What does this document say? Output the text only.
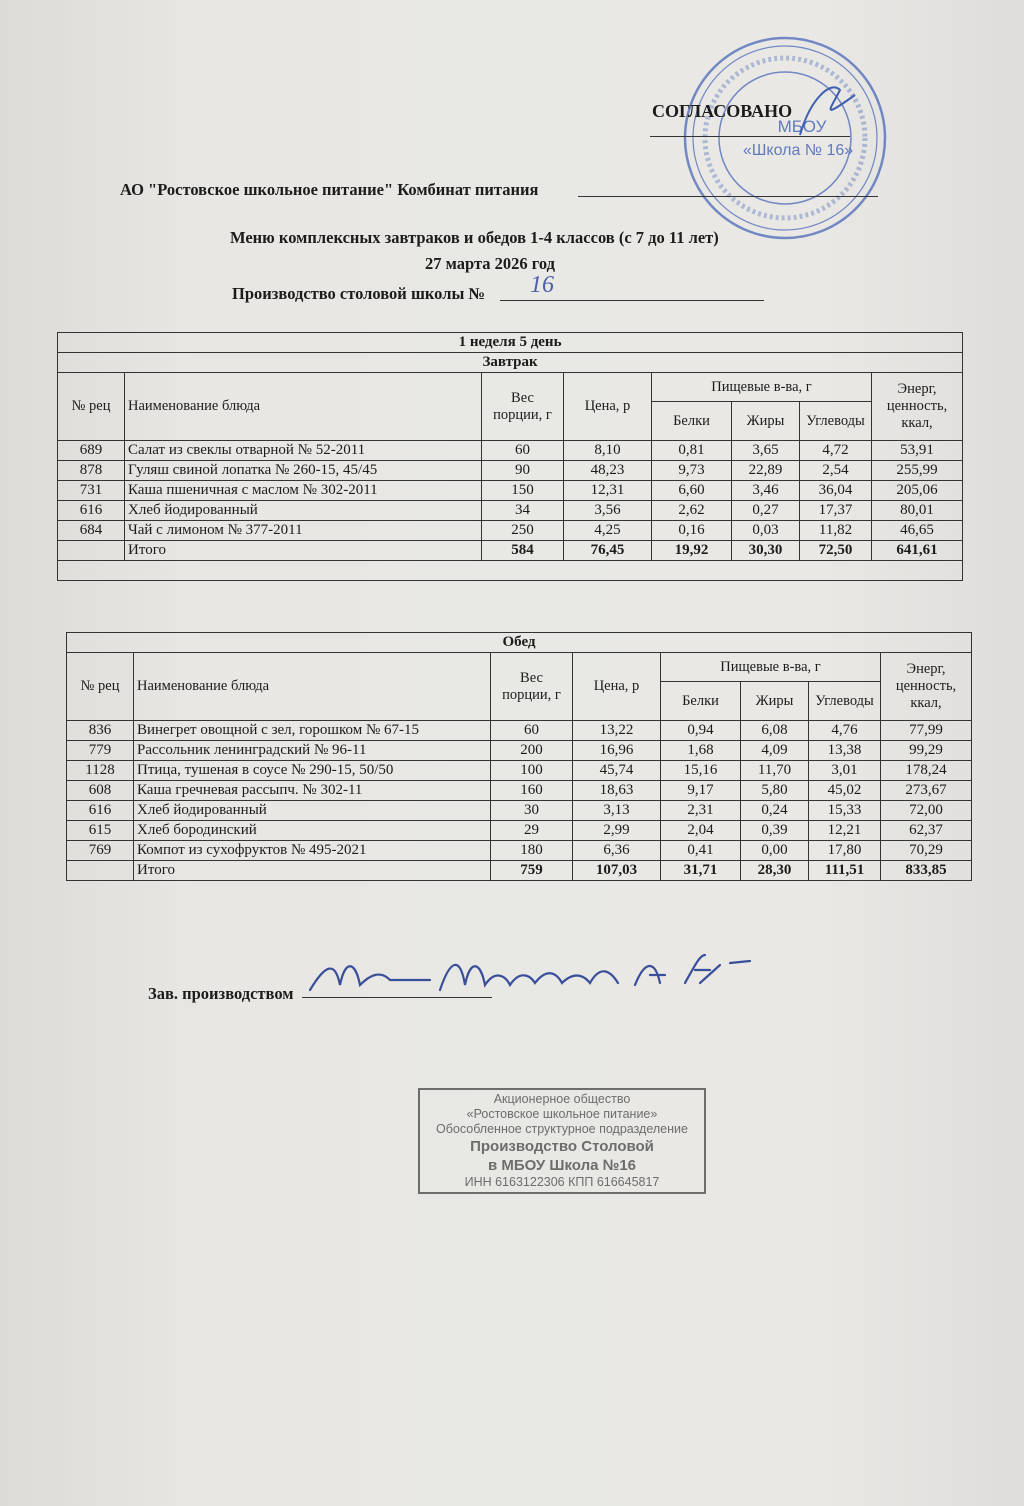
МБОУ
«Школа № 16»
СОГЛАСОВАНО
АО "Ростовское школьное питание" Комбинат питания
Меню комплексных завтраков и обедов 1-4 классов (с 7 до 11 лет)
27 марта 2026 год
Производство столовой школы № 16
1 неделя 5 день							
Завтрак							
№ рец	Наименование блюда	Вес порции, г	Цена, р	Пищевые в-ва, г			Энерг, ценность, ккал,
				Белки	Жиры	Углеводы	
689	Салат из свеклы отварной № 52-2011	60	8,10	0,81	3,65	4,72	53,91
878	Гуляш свиной лопатка № 260-15, 45/45	90	48,23	9,73	22,89	2,54	255,99
731	Каша пшеничная с маслом № 302-2011	150	12,31	6,60	3,46	36,04	205,06
616	Хлеб йодированный	34	3,56	2,62	0,27	17,37	80,01
684	Чай с лимоном № 377-2011	250	4,25	0,16	0,03	11,82	46,65
	Итого	584	76,45	19,92	30,30	72,50	641,61

Обед							
№ рец	Наименование блюда	Вес порции, г	Цена, р	Пищевые в-ва, г			Энерг, ценность, ккал,
				Белки	Жиры	Углеводы	
836	Винегрет овощной с зел, горошком № 67-15	60	13,22	0,94	6,08	4,76	77,99
779	Рассольник ленинградский № 96-11	200	16,96	1,68	4,09	13,38	99,29
1128	Птица, тушеная в соусе № 290-15, 50/50	100	45,74	15,16	11,70	3,01	178,24
608	Каша гречневая рассыпч. № 302-11	160	18,63	9,17	5,80	45,02	273,67
616	Хлеб йодированный	30	3,13	2,31	0,24	15,33	72,00
615	Хлеб бородинский	29	2,99	2,04	0,39	12,21	62,37
769	Компот из сухофруктов № 495-2021	180	6,36	0,41	0,00	17,80	70,29
	Итого	759	107,03	31,71	28,30	111,51	833,85
Зав. производством
Акционерное общество
«Ростовское школьное питание»
Обособленное структурное подразделение
Производство Столовой
в МБОУ Школа №16
ИНН 6163122306 КПП 616645817
